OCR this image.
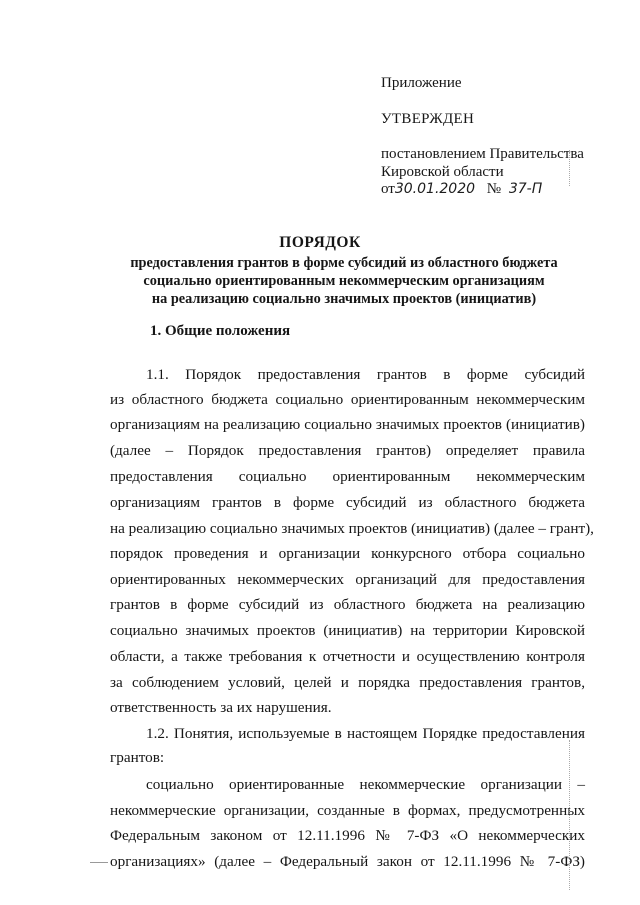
Приложение
УТВЕРЖДЕН
постановлением Правительства
Кировской области
от30.01.2020 № 37-П
ПОРЯДОК
предоставления грантов в форме субсидий из областного бюджета
социально ориентированным некоммерческим организациям
на реализацию социально значимых проектов (инициатив)
1. Общие положения
1.1. Порядок предоставления грантов в форме субсидий
из областного бюджета социально ориентированным некоммерческим
организациям на реализацию социально значимых проектов (инициатив)
(далее – Порядок предоставления грантов) определяет правила
предоставления социально ориентированным некоммерческим
организациям грантов в форме субсидий из областного бюджета
на реализацию социально значимых проектов (инициатив) (далее – грант),
порядок проведения и организации конкурсного отбора социально
ориентированных некоммерческих организаций для предоставления
грантов в форме субсидий из областного бюджета на реализацию
социально значимых проектов (инициатив) на территории Кировской
области, а также требования к отчетности и осуществлению контроля
за соблюдением условий, целей и порядка предоставления грантов,
ответственность за их нарушения.
1.2. Понятия, используемые в настоящем Порядке предоставления
грантов:
социально ориентированные некоммерческие организации –
некоммерческие организации, созданные в формах, предусмотренных
Федеральным законом от 12.11.1996 № 7-ФЗ «О некоммерческих
организациях» (далее – Федеральный закон от 12.11.1996 № 7-ФЗ)
